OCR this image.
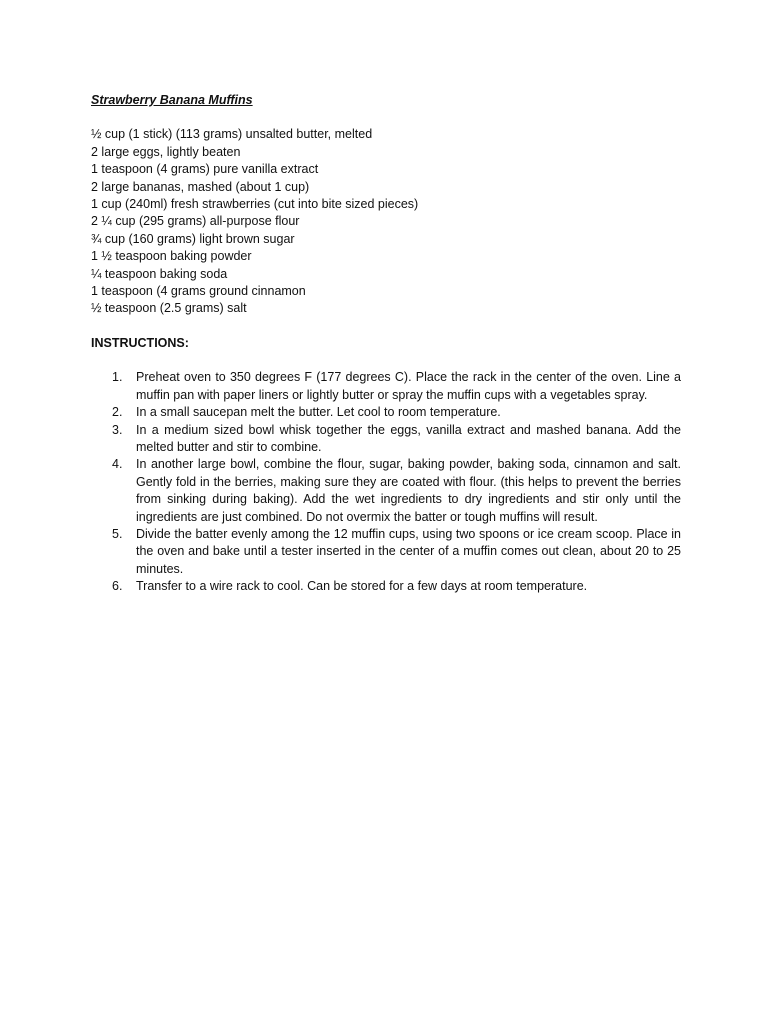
Strawberry Banana Muffins
½ cup (1 stick) (113 grams) unsalted butter, melted
2 large eggs, lightly beaten
1 teaspoon (4 grams) pure vanilla extract
2 large bananas, mashed (about 1 cup)
1 cup (240ml) fresh strawberries (cut into bite sized pieces)
2 ¼ cup (295 grams) all-purpose flour
¾ cup (160 grams) light brown sugar
1 ½ teaspoon baking powder
¼ teaspoon baking soda
1 teaspoon (4 grams ground cinnamon
½ teaspoon (2.5 grams) salt
INSTRUCTIONS:
1. Preheat oven to 350 degrees F (177 degrees C). Place the rack in the center of the oven. Line a muffin pan with paper liners or lightly butter or spray the muffin cups with a vegetables spray.
2. In a small saucepan melt the butter. Let cool to room temperature.
3. In a medium sized bowl whisk together the eggs, vanilla extract and mashed banana. Add the melted butter and stir to combine.
4. In another large bowl, combine the flour, sugar, baking powder, baking soda, cinnamon and salt. Gently fold in the berries, making sure they are coated with flour. (this helps to prevent the berries from sinking during baking). Add the wet ingredients to dry ingredients and stir only until the ingredients are just combined. Do not overmix the batter or tough muffins will result.
5. Divide the batter evenly among the 12 muffin cups, using two spoons or ice cream scoop. Place in the oven and bake until a tester inserted in the center of a muffin comes out clean, about 20 to 25 minutes.
6. Transfer to a wire rack to cool. Can be stored for a few days at room temperature.
